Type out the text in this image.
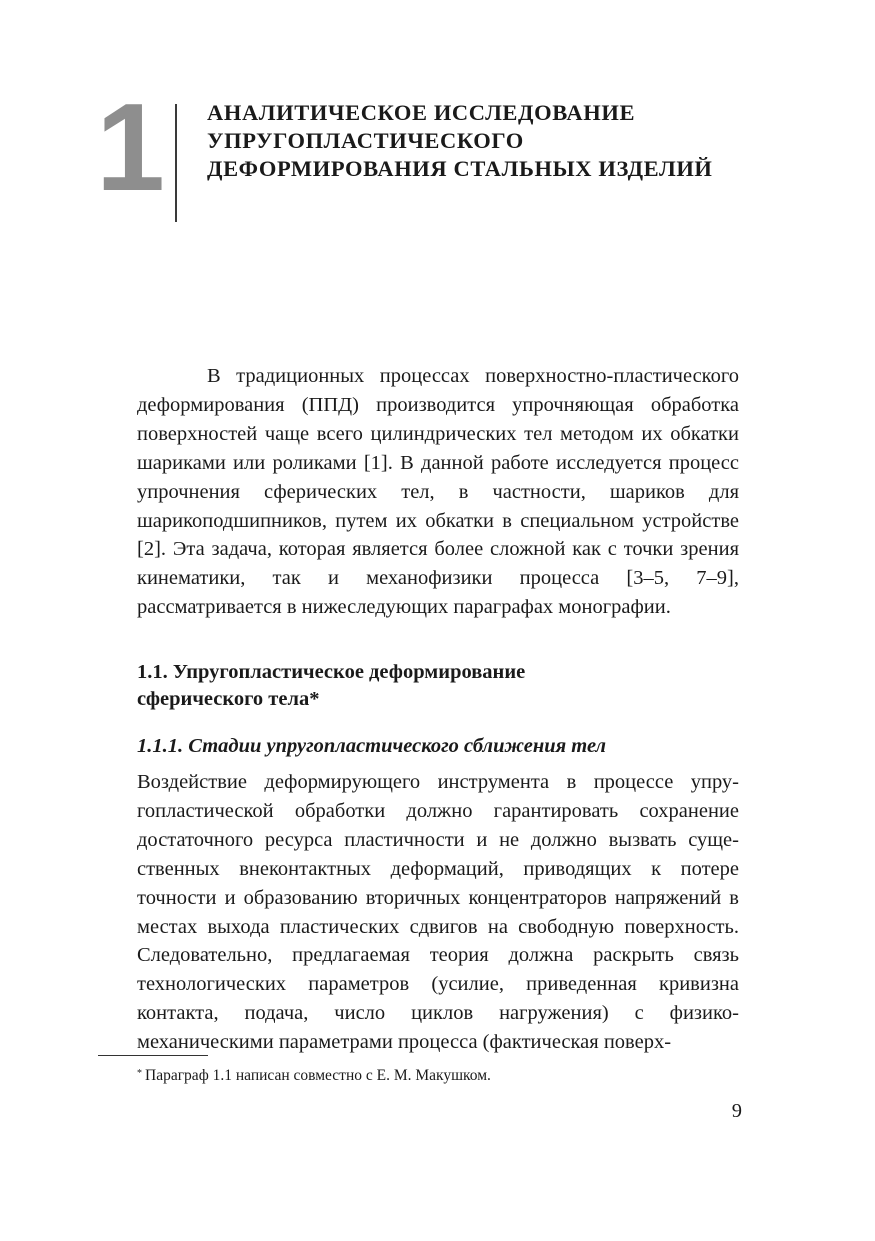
1 АНАЛИТИЧЕСКОЕ ИССЛЕДОВАНИЕ
УПРУГОПЛАСТИЧЕСКОГО
ДЕФОРМИРОВАНИЯ СТАЛЬНЫХ ИЗДЕЛИЙ

В традиционных процессах поверхностно-пластического деформирования (ППД) производится упрочняющая обработка поверхностей чаще всего цилиндрических тел методом их обкатки шариками или роликами [1]. В данной работе исследуется процесс упрочнения сферических тел, в частности, шариков для шарикоподшипников, путем их обкатки в специальном устройстве [2]. Эта задача, которая является более сложной как с точки зрения кинематики, так и механофизики процесса [3–5, 7–9], рассматривается в нижеследующих параграфах монографии.

1.1. Упругопластическое деформирование
сферического тела*
1.1.1. Стадии упругопластического сближения тел

Воздействие деформирующего инструмента в процессе упругопластической обработки должно гарантировать сохранение достаточного ресурса пластичности и не должно вызвать существенных внеконтактных деформаций, приводящих к потере точности и образованию вторичных концентраторов напряжений в местах выхода пластических сдвигов на свободную поверхность. Следовательно, предлагаемая теория должна раскрыть связь технологических параметров (усилие, приведенная кривизна контакта, подача, число циклов нагружения) с физикомеханическими параметрами процесса (фактическая поверх-

* Параграф 1.1 написан совместно с Е. М. Макушком.
9
